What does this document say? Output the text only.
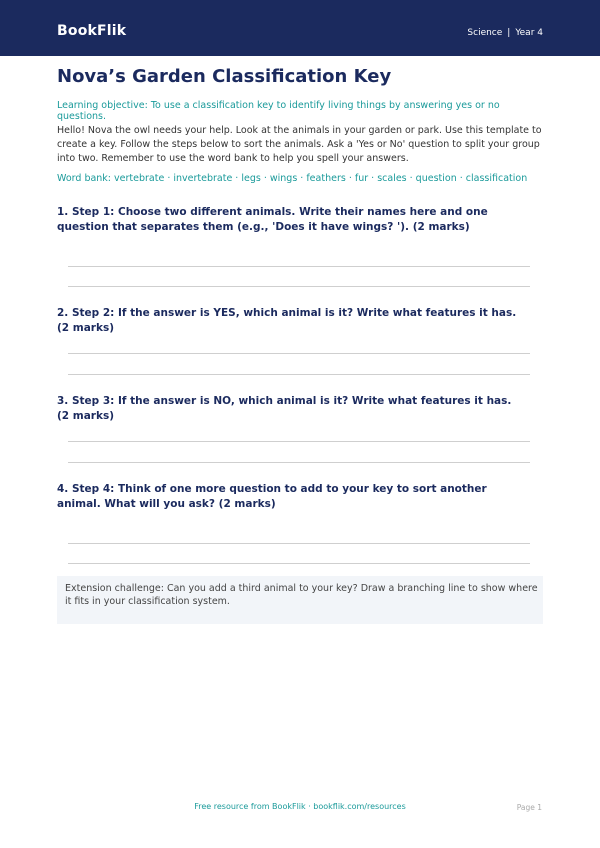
BookFlik	Science | Year 4
Nova’s Garden Classification Key
Learning objective: To use a classification key to identify living things by answering yes or no questions.
Hello! Nova the owl needs your help. Look at the animals in your garden or park. Use this template to create a key. Follow the steps below to sort the animals. Ask a 'Yes or No' question to split your group into two. Remember to use the word bank to help you spell your answers.
Word bank: vertebrate · invertebrate · legs · wings · feathers · fur · scales · question · classification
1. Step 1: Choose two different animals. Write their names here and one question that separates them (e.g., 'Does it have wings? '). (2 marks)
2. Step 2: If the answer is YES, which animal is it? Write what features it has. (2 marks)
3. Step 3: If the answer is NO, which animal is it? Write what features it has. (2 marks)
4. Step 4: Think of one more question to add to your key to sort another animal. What will you ask? (2 marks)
Extension challenge: Can you add a third animal to your key? Draw a branching line to show where it fits in your classification system.
Free resource from BookFlik · bookflik.com/resources	Page 1
